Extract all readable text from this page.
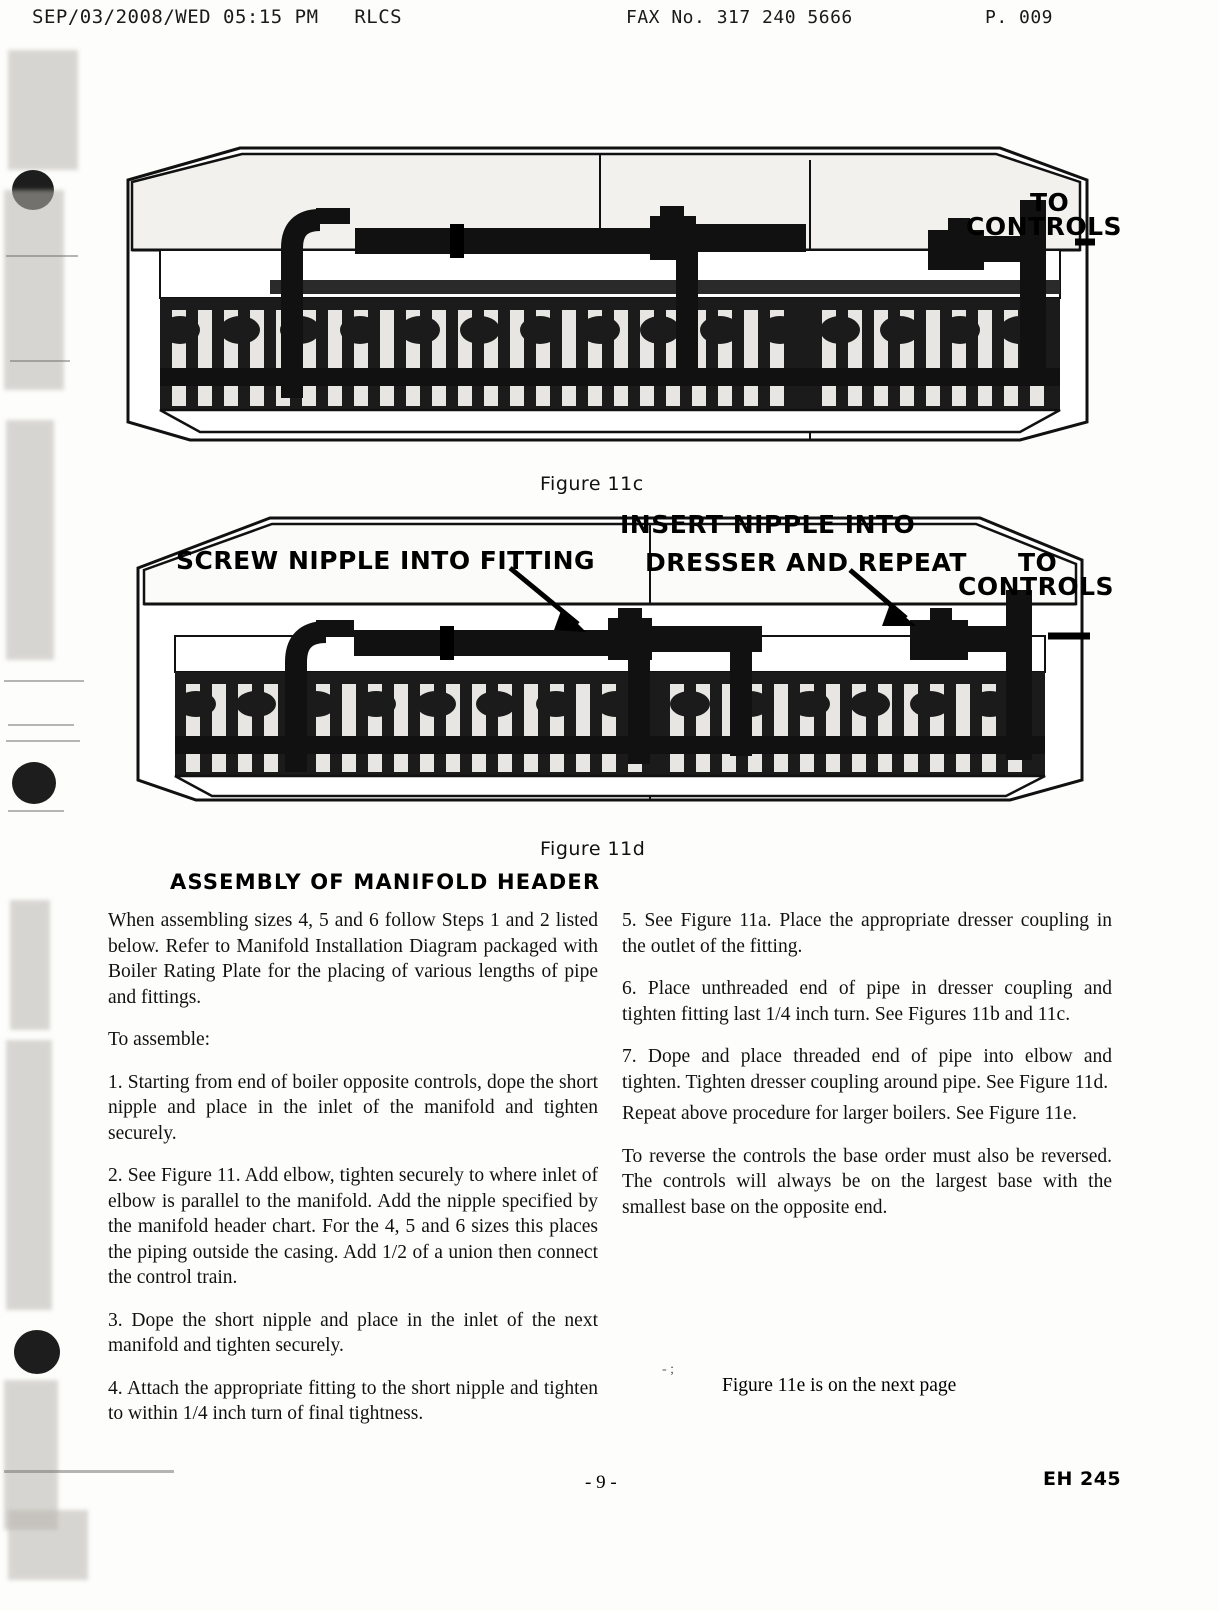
SEP/03/2008/WED 05:15 PM   RLCS	FAX No. 317 240 5666	P. 009
TO
CONTROLS
Figure 11c
INSERT NIPPLE INTO
DRESSER AND REPEAT
SCREW NIPPLE INTO FITTING	TO
CONTROLS
Figure 11d
ASSEMBLY OF MANIFOLD HEADER

When assembling sizes 4, 5 and 6 follow Steps 1 and 2 listed below. Refer to Manifold Installation Diagram packaged with Boiler Rating Plate for the placing of various lengths of pipe and fittings.

To assemble:

1. Starting from end of boiler opposite controls, dope the short nipple and place in the inlet of the manifold and tighten securely.

2. See Figure 11. Add elbow, tighten securely to where inlet of elbow is parallel to the manifold. Add the nipple specified by the manifold header chart. For the 4, 5 and 6 sizes this places the piping outside the casing. Add 1/2 of a union then connect the control train.

3. Dope the short nipple and place in the inlet of the next manifold and tighten securely.

4. Attach the appropriate fitting to the short nipple and tighten to within 1/4 inch turn of final tightness.

5. See Figure 11a. Place the appropriate dresser coupling in the outlet of the fitting.

6. Place unthreaded end of pipe in dresser coupling and tighten fitting last 1/4 inch turn. See Figures 11b and 11c.

7. Dope and place threaded end of pipe into elbow and tighten. Tighten dresser coupling around pipe. See Figure 11d.

Repeat above procedure for larger boilers. See Figure 11e.

To reverse the controls the base order must also be reversed. The controls will always be on the largest base with the smallest base on the opposite end.

- ;
Figure 11e is on the next page
- 9 -	EH 245
